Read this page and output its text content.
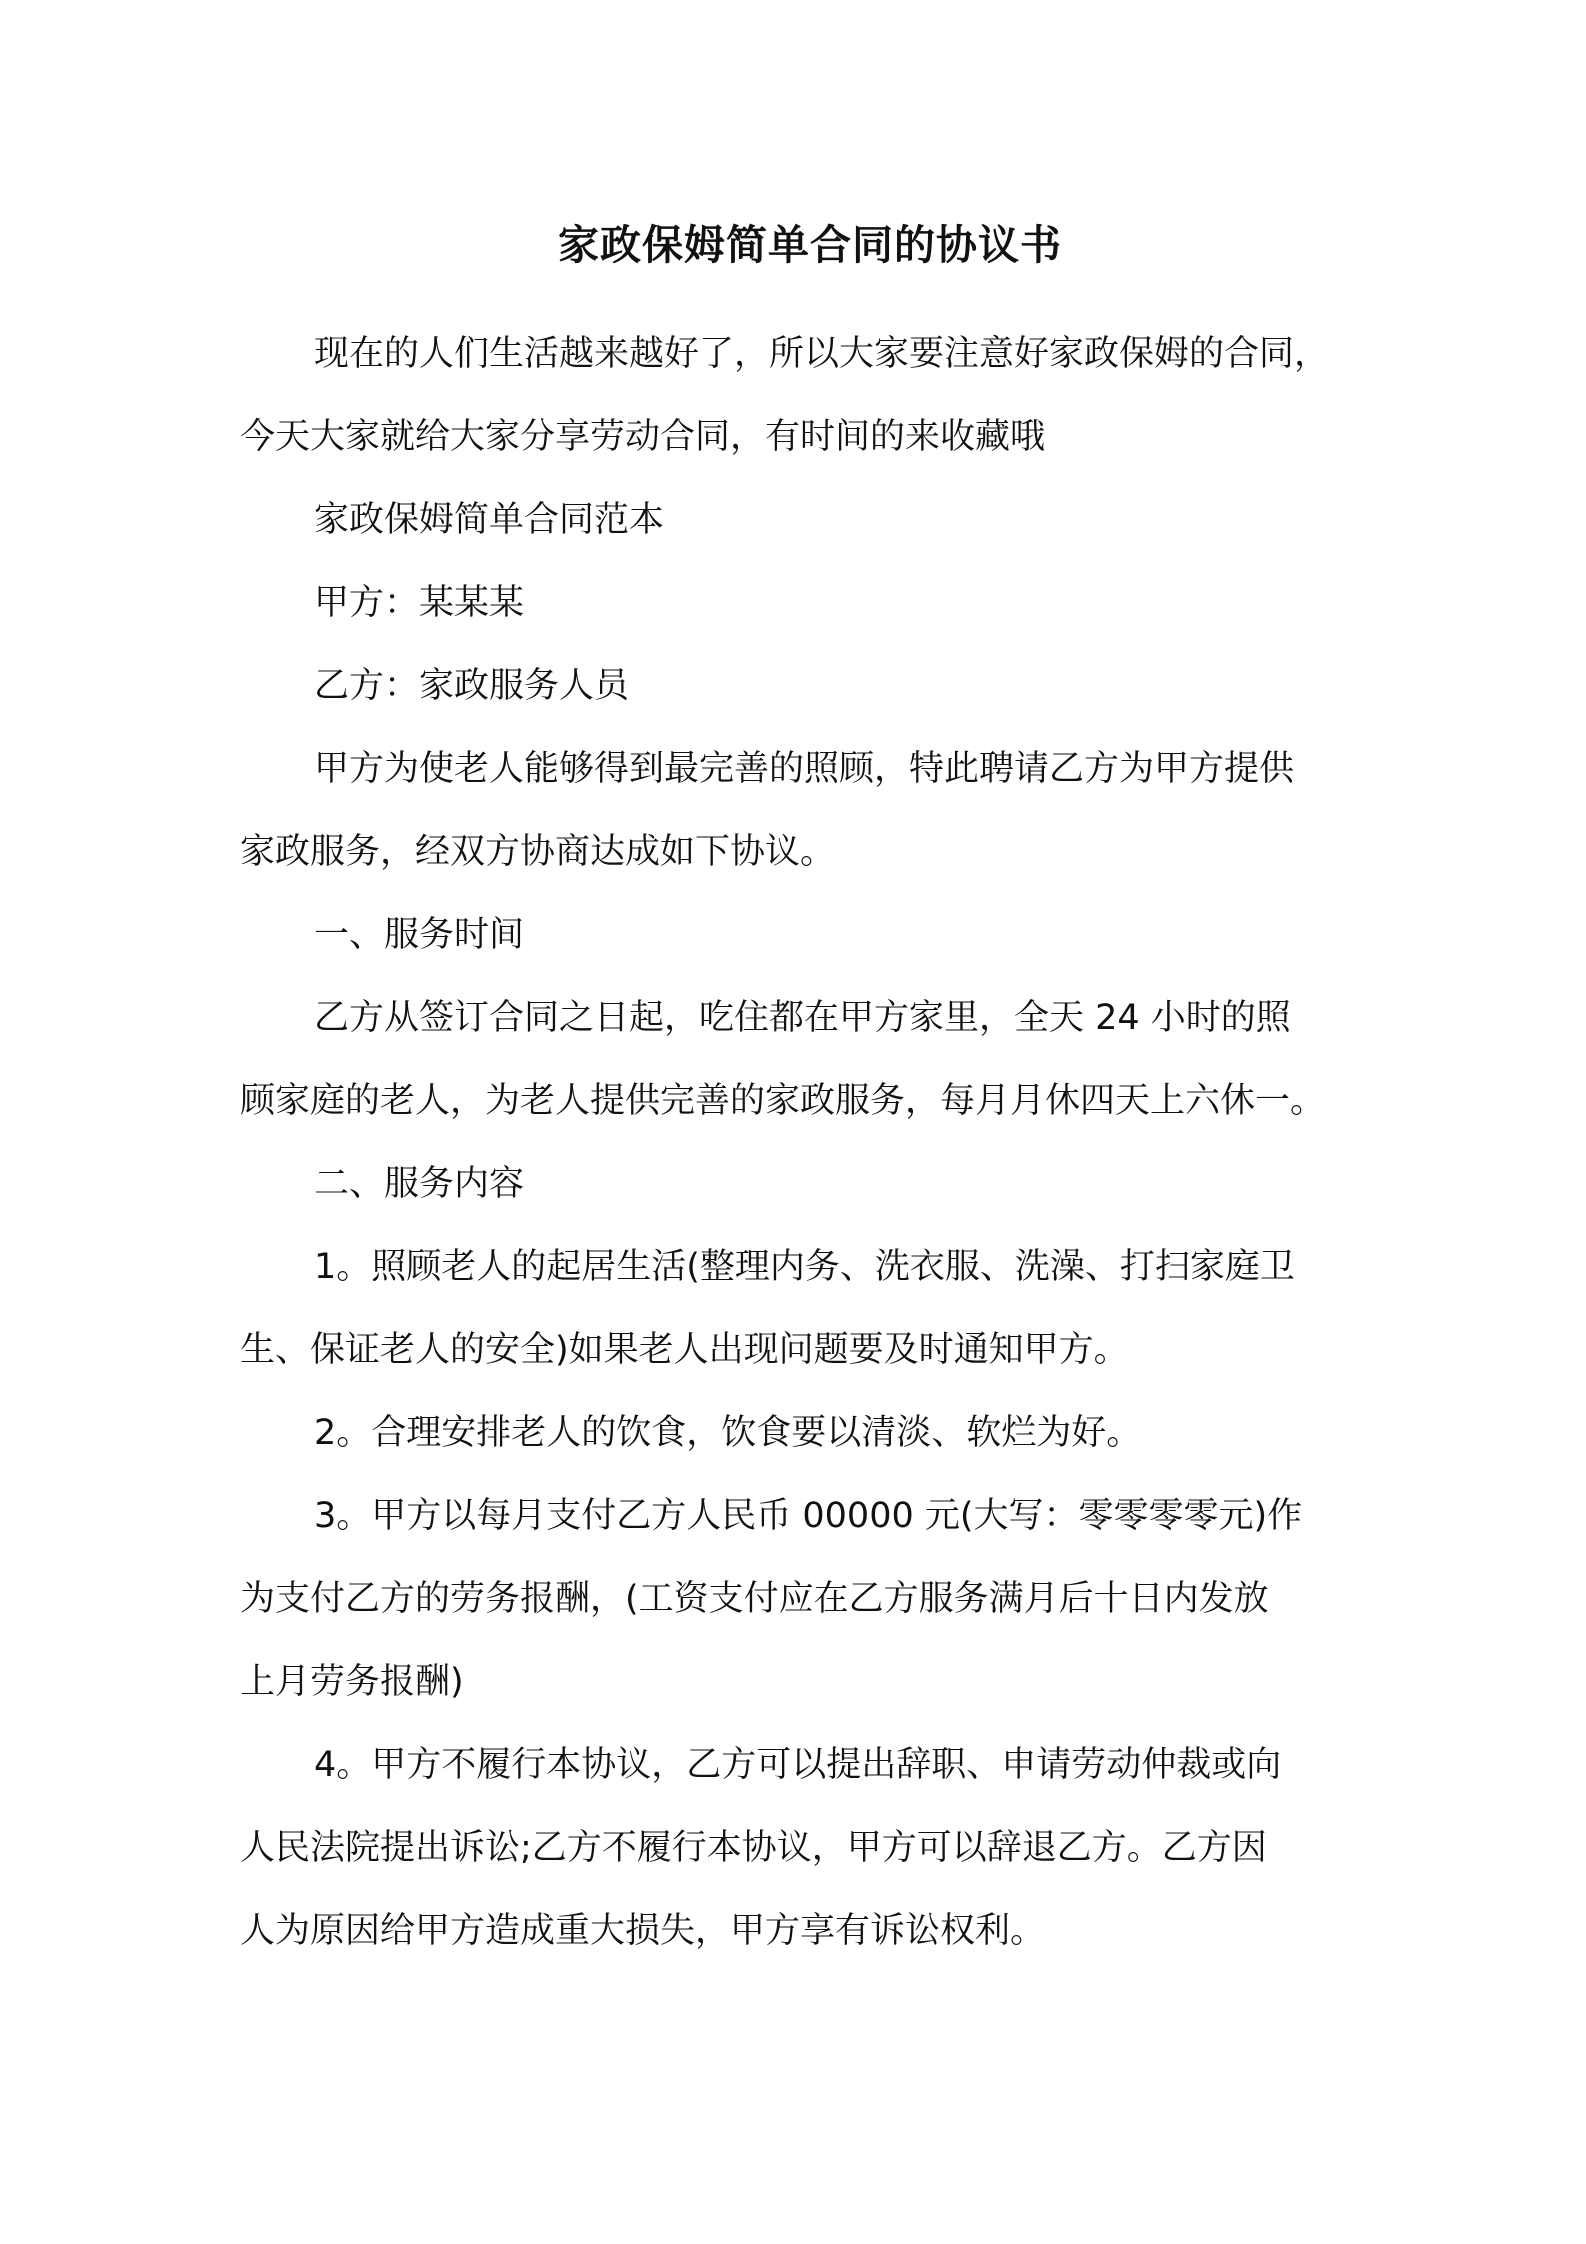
家政保姆简单合同的协议书

现在的人们生活越来越好了，所以大家要注意好家政保姆的合同，
今天大家就给大家分享劳动合同，有时间的来收藏哦

家政保姆简单合同范本

甲方：某某某

乙方：家政服务人员

甲方为使老人能够得到最完善的照顾，特此聘请乙方为甲方提供
家政服务，经双方协商达成如下协议。

一、服务时间

乙方从签订合同之日起，吃住都在甲方家里，全天 24 小时的照
顾家庭的老人，为老人提供完善的家政服务，每月月休四天上六休一。

二、服务内容

1。照顾老人的起居生活(整理内务、洗衣服、洗澡、打扫家庭卫
生、保证老人的安全)如果老人出现问题要及时通知甲方。

2。合理安排老人的饮食，饮食要以清淡、软烂为好。

3。甲方以每月支付乙方人民币 00000 元(大写：零零零零元)作
为支付乙方的劳务报酬，(工资支付应在乙方服务满月后十日内发放
上月劳务报酬)

4。甲方不履行本协议，乙方可以提出辞职、申请劳动仲裁或向
人民法院提出诉讼;乙方不履行本协议，甲方可以辞退乙方。乙方因
人为原因给甲方造成重大损失，甲方享有诉讼权利。
